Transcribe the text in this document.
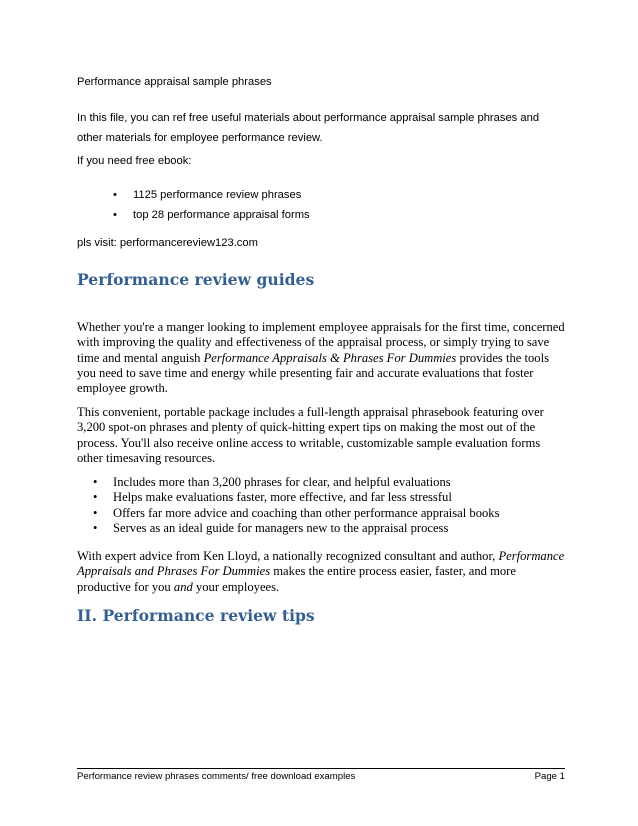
Performance appraisal sample phrases

In this file, you can ref free useful materials about performance appraisal sample phrases and other materials for employee performance review.

If you need free ebook:

• 1125 performance review phrases
• top 28 performance appraisal forms

pls visit: performancereview123.com

Performance review guides

Whether you're a manger looking to implement employee appraisals for the first time, concerned with improving the quality and effectiveness of the appraisal process, or simply trying to save time and mental anguish Performance Appraisals & Phrases For Dummies provides the tools you need to save time and energy while presenting fair and accurate evaluations that foster employee growth.

This convenient, portable package includes a full-length appraisal phrasebook featuring over 3,200 spot-on phrases and plenty of quick-hitting expert tips on making the most out of the process. You'll also receive online access to writable, customizable sample evaluation forms other timesaving resources.

• Includes more than 3,200 phrases for clear, and helpful evaluations
• Helps make evaluations faster, more effective, and far less stressful
• Offers far more advice and coaching than other performance appraisal books
• Serves as an ideal guide for managers new to the appraisal process

With expert advice from Ken Lloyd, a nationally recognized consultant and author, Performance Appraisals and Phrases For Dummies makes the entire process easier, faster, and more productive for you and your employees.

II. Performance review tips
Performance review phrases comments/ free download examples	Page 1
